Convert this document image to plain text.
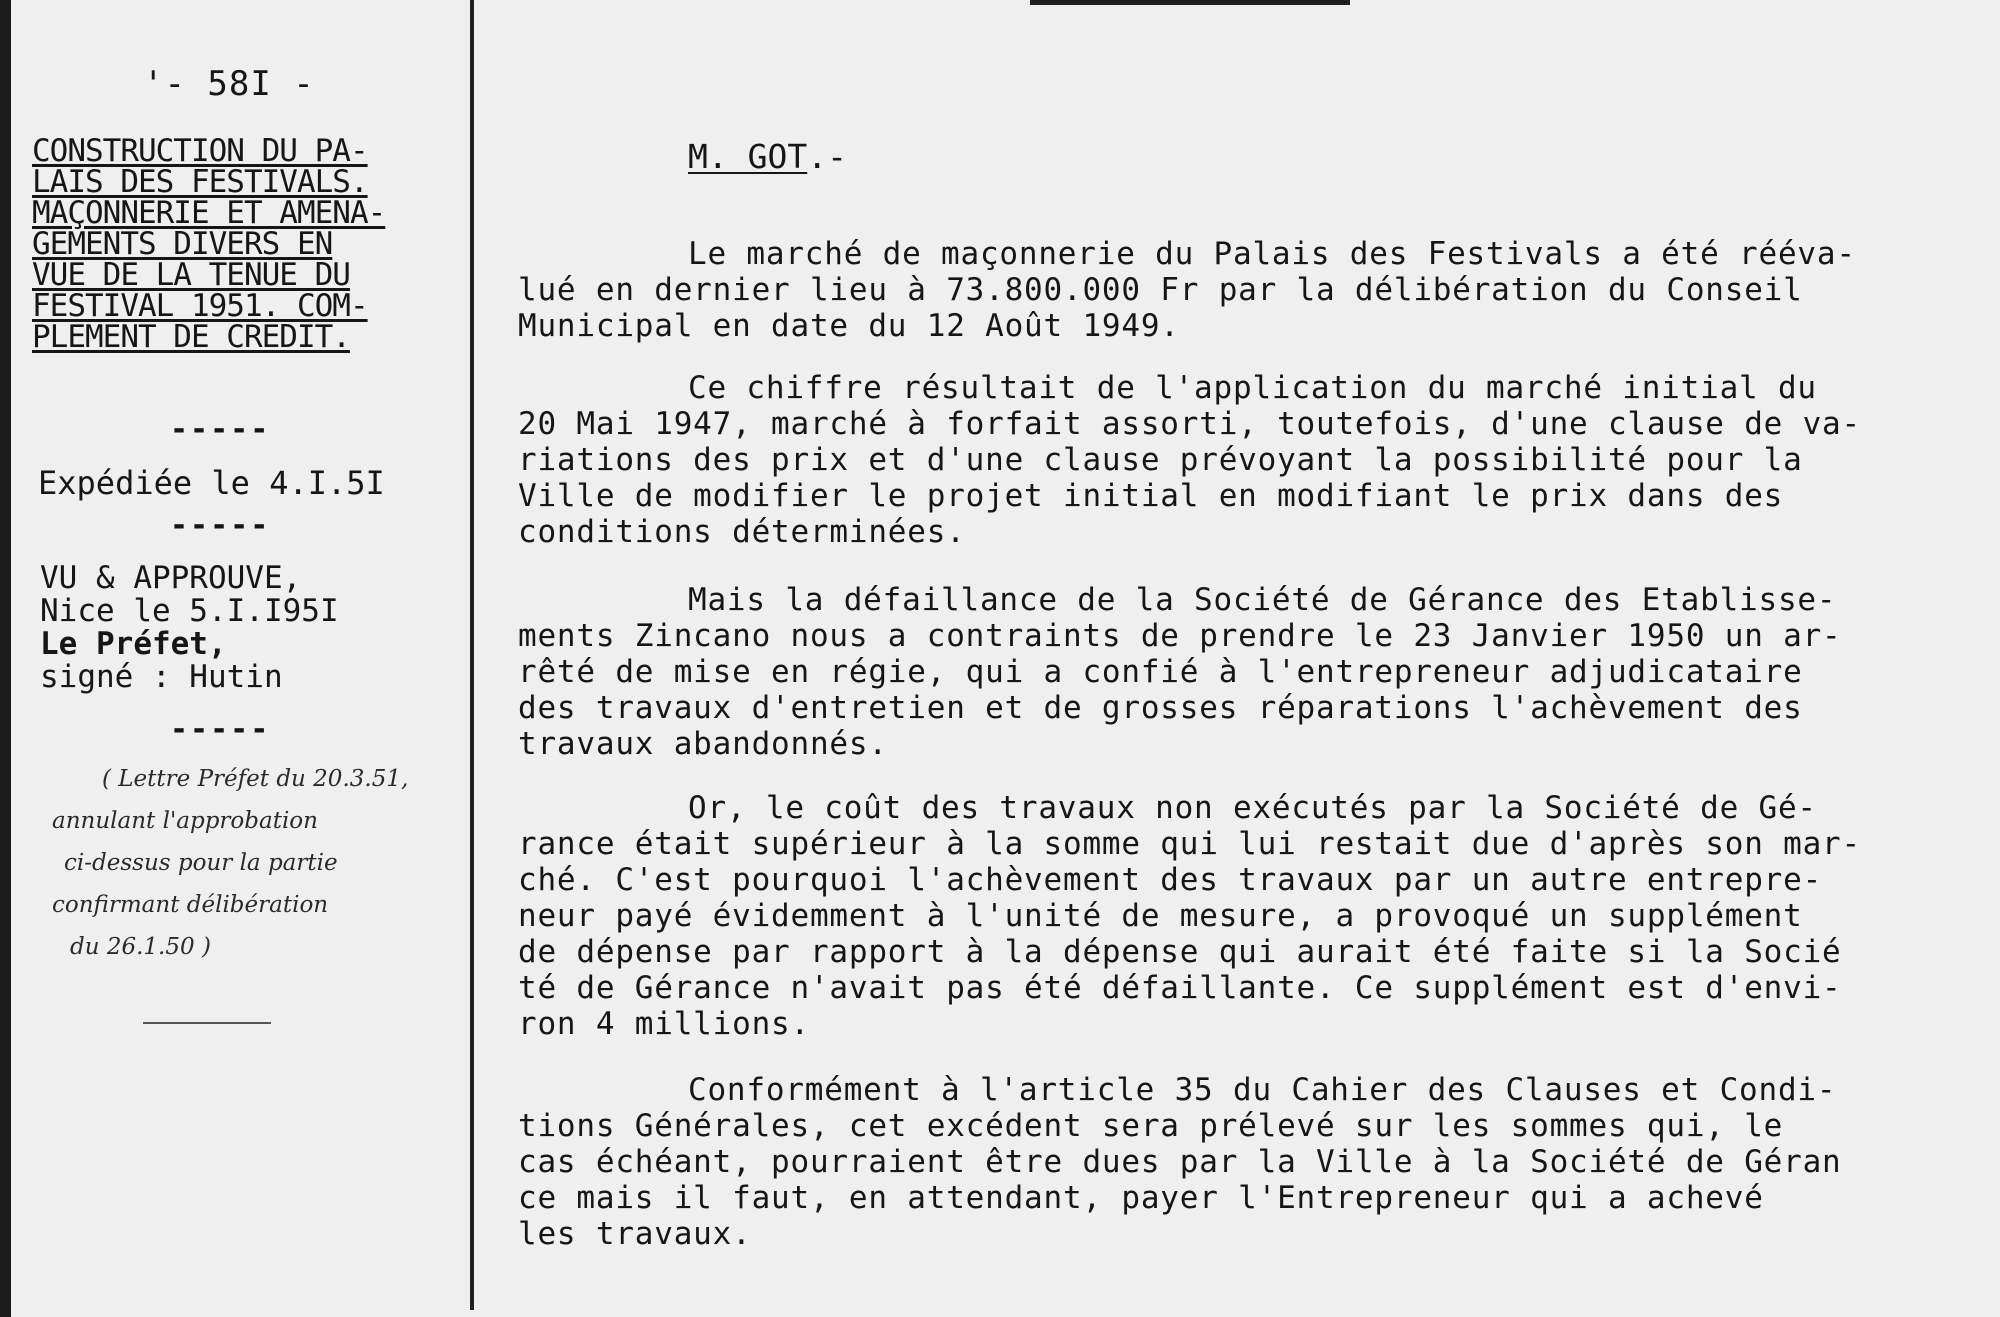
'- 58I -
CONSTRUCTION DU PA-
LAIS DES FESTIVALS.
MAÇONNERIE ET AMENA-
GEMENTS DIVERS EN
VUE DE LA TENUE DU
FESTIVAL 1951. COM-
PLEMENT DE CREDIT.
-----
Expédiée le 4.I.5I
-----
VU & APPROUVE,
Nice le 5.I.I95I
Le Préfet,
signé : Hutin
-----
( Lettre Préfet du 20.3.51,
annulant l'approbation
ci-dessus pour la partie
confirmant délibération
du 26.1.50 )
M. GOT.-
Le marché de maçonnerie du Palais des Festivals a été rééva-
lué en dernier lieu à 73.800.000 Fr par la délibération du Conseil
Municipal en date du 12 Août 1949.
Ce chiffre résultait de l'application du marché initial du
20 Mai 1947, marché à forfait assorti, toutefois, d'une clause de va-
riations des prix et d'une clause prévoyant la possibilité pour la
Ville de modifier le projet initial en modifiant le prix dans des
conditions déterminées.
Mais la défaillance de la Société de Gérance des Etablisse-
ments Zincano nous a contraints de prendre le 23 Janvier 1950 un ar-
rêté de mise en régie, qui a confié à l'entrepreneur adjudicataire
des travaux d'entretien et de grosses réparations l'achèvement des
travaux abandonnés.
Or, le coût des travaux non exécutés par la Société de Gé-
rance était supérieur à la somme qui lui restait due d'après son mar-
ché. C'est pourquoi l'achèvement des travaux par un autre entrepre-
neur payé évidemment à l'unité de mesure, a provoqué un supplément
de dépense par rapport à la dépense qui aurait été faite si la Socié
té de Gérance n'avait pas été défaillante. Ce supplément est d'envi-
ron 4 millions.
Conformément à l'article 35 du Cahier des Clauses et Condi-
tions Générales, cet excédent sera prélevé sur les sommes qui, le
cas échéant, pourraient être dues par la Ville à la Société de Géran
ce mais il faut, en attendant, payer l'Entrepreneur qui a achevé
les travaux.
